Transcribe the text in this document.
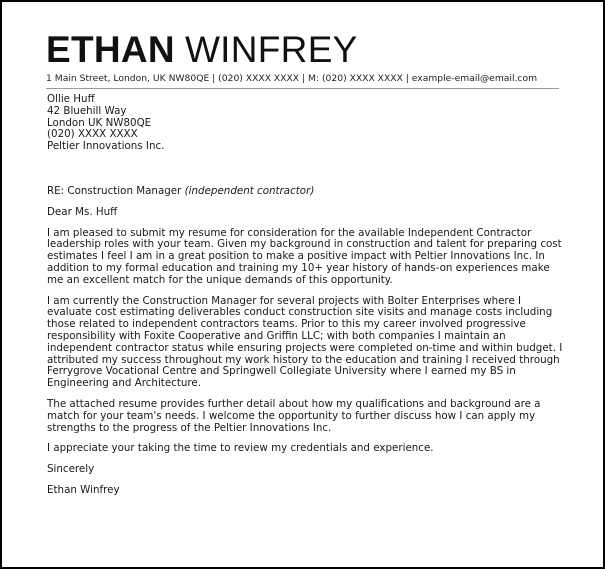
ETHAN WINFREY
1 Main Street, London, UK NW80QE | (020) XXXX XXXX | M: (020) XXXX XXXX | example-email@email.com
Ollie Huff
42 Bluehill Way
London UK NW80QE
(020) XXXX XXXX
Peltier Innovations Inc.
RE: Construction Manager (independent contractor)
Dear Ms. Huff

I am pleased to submit my resume for consideration for the available Independent Contractor leadership roles with your team. Given my background in construction and talent for preparing cost estimates I feel I am in a great position to make a positive impact with Peltier Innovations Inc. In addition to my formal education and training my 10+ year history of hands-on experiences make me an excellent match for the unique demands of this opportunity.

I am currently the Construction Manager for several projects with Bolter Enterprises where I evaluate cost estimating deliverables conduct construction site visits and manage costs including those related to independent contractors teams. Prior to this my career involved progressive responsibility with Foxite Cooperative and Griffin LLC; with both companies I maintain an independent contractor status while ensuring projects were completed on-time and within budget. I attributed my success throughout my work history to the education and training I received through Ferrygrove Vocational Centre and Springwell Collegiate University where I earned my BS in Engineering and Architecture.

The attached resume provides further detail about how my qualifications and background are a match for your team's needs. I welcome the opportunity to further discuss how I can apply my strengths to the progress of the Peltier Innovations Inc.

I appreciate your taking the time to review my credentials and experience.

Sincerely
Ethan Winfrey
